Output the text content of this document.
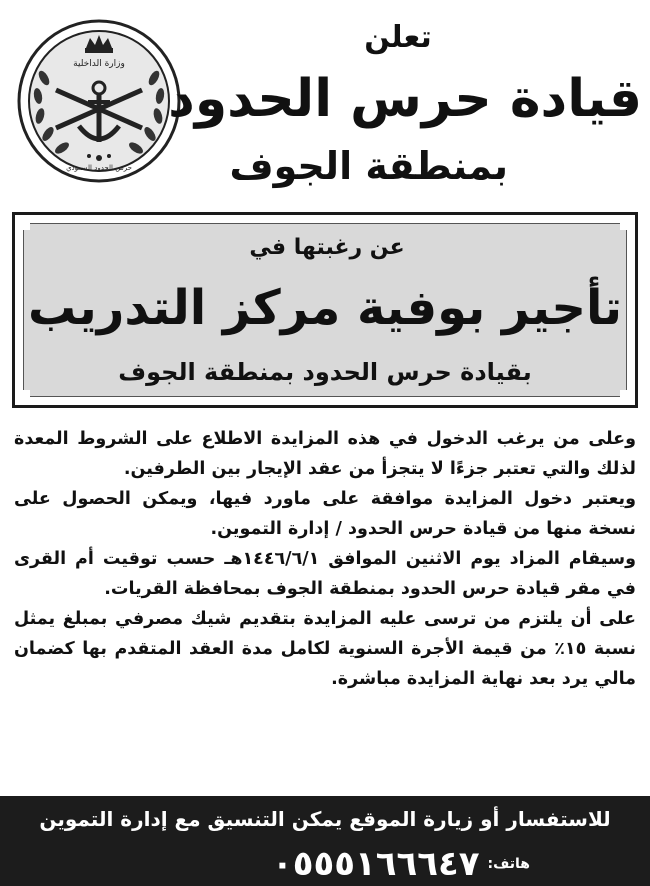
وزارة الداخلية
حرس الحدود السعودي
تعلن
قيادة حرس الحدود
بمنطقة الجوف

عن رغبتها في

تأجير بوفية مركز التدريب

بقيادة حرس الحدود بمنطقة الجوف

وعلى من يرغب الدخول في هذه المزايدة الاطلاع على الشروط المعدة لذلك والتي تعتبر جزءًا لا يتجزأ من عقد الإيجار بين الطرفين.

ويعتبر دخول المزايدة موافقة على ماورد فيها، ويمكن الحصول على نسخة منها من قيادة حرس الحدود / إدارة التموين.

وسيقام المزاد يوم الاثنين الموافق ١٤٤٦/٦/١هـ حسب توقيت أم القرى في مقر قيادة حرس الحدود بمنطقة الجوف بمحافظة القريات.

على أن يلتزم من ترسى عليه المزايدة بتقديم شيك مصرفي بمبلغ يمثل نسبة ١٥٪ من قيمة الأجرة السنوية لكامل مدة العقد المتقدم بها كضمان مالي يرد بعد نهاية المزايدة مباشرة.

للاستفسار أو زيارة الموقع يمكن التنسيق مع إدارة التموين

هاتف:
٠٥٥٥١٦٦٦٤٧
